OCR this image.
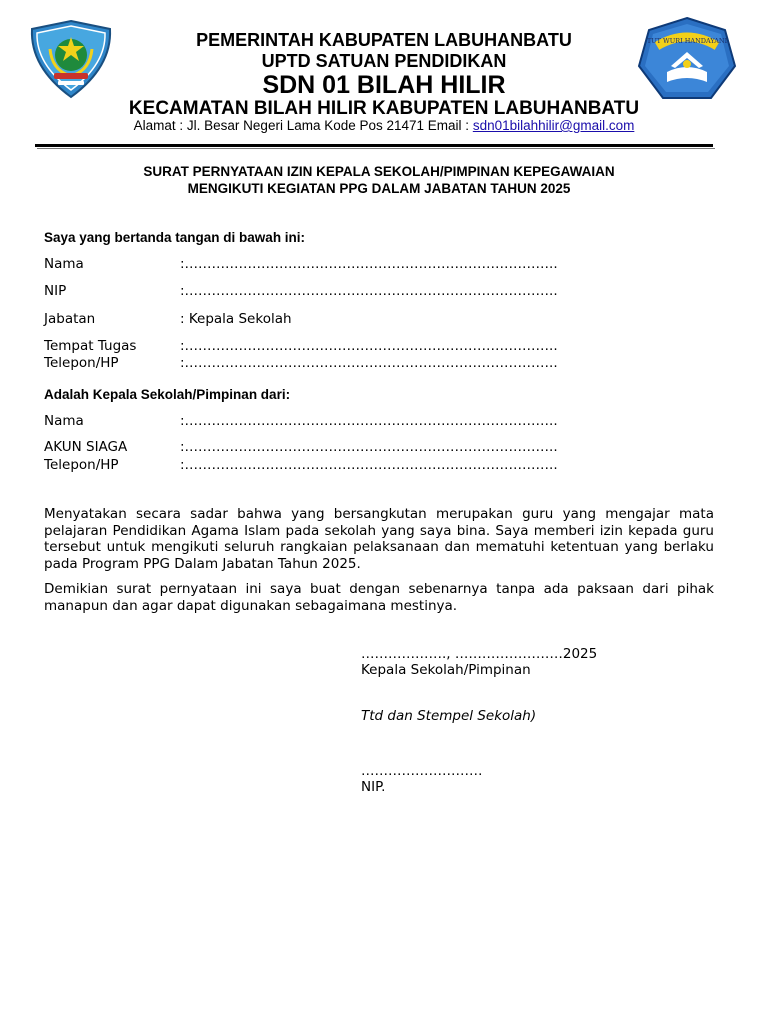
TUT WURI HANDAYANI
PEMERINTAH KABUPATEN LABUHANBATU
UPTD SATUAN PENDIDIKAN
SDN 01 BILAH HILIR
KECAMATAN BILAH HILIR KABUPATEN LABUHANBATU
Alamat : Jl. Besar Negeri Lama Kode Pos 21471 Email : sdn01bilahhilir@gmail.com
SURAT PERNYATAAN IZIN KEPALA SEKOLAH/PIMPINAN KEPEGAWAIAN
MENGIKUTI KEGIATAN PPG DALAM JABATAN TAHUN 2025
Saya yang bertanda tangan di bawah ini:
Nama	:………………………………………………………………………..
NIP	:………………………………………………………………………..
Jabatan	: Kepala Sekolah
Tempat Tugas	:………………………………………………………………………..
Telepon/HP	:………………………………………………………………………..
Adalah Kepala Sekolah/Pimpinan dari:
Nama	:………………………………………………………………………..
AKUN SIAGA	:………………………………………………………………………..
Telepon/HP	:………………………………………………………………………..
Menyatakan secara sadar bahwa yang bersangkutan merupakan guru yang mengajar mata pelajaran Pendidikan Agama Islam pada sekolah yang saya bina. Saya memberi izin kepada guru tersebut untuk mengikuti seluruh rangkaian pelaksanaan dan mematuhi ketentuan yang berlaku pada Program PPG Dalam Jabatan Tahun 2025.
Demikian surat pernyataan ini saya buat dengan sebenarnya tanpa ada paksaan dari pihak manapun dan agar dapat digunakan sebagaimana mestinya.
………………., ……………………2025
Kepala Sekolah/Pimpinan
Ttd dan Stempel Sekolah)
………………………
NIP.
